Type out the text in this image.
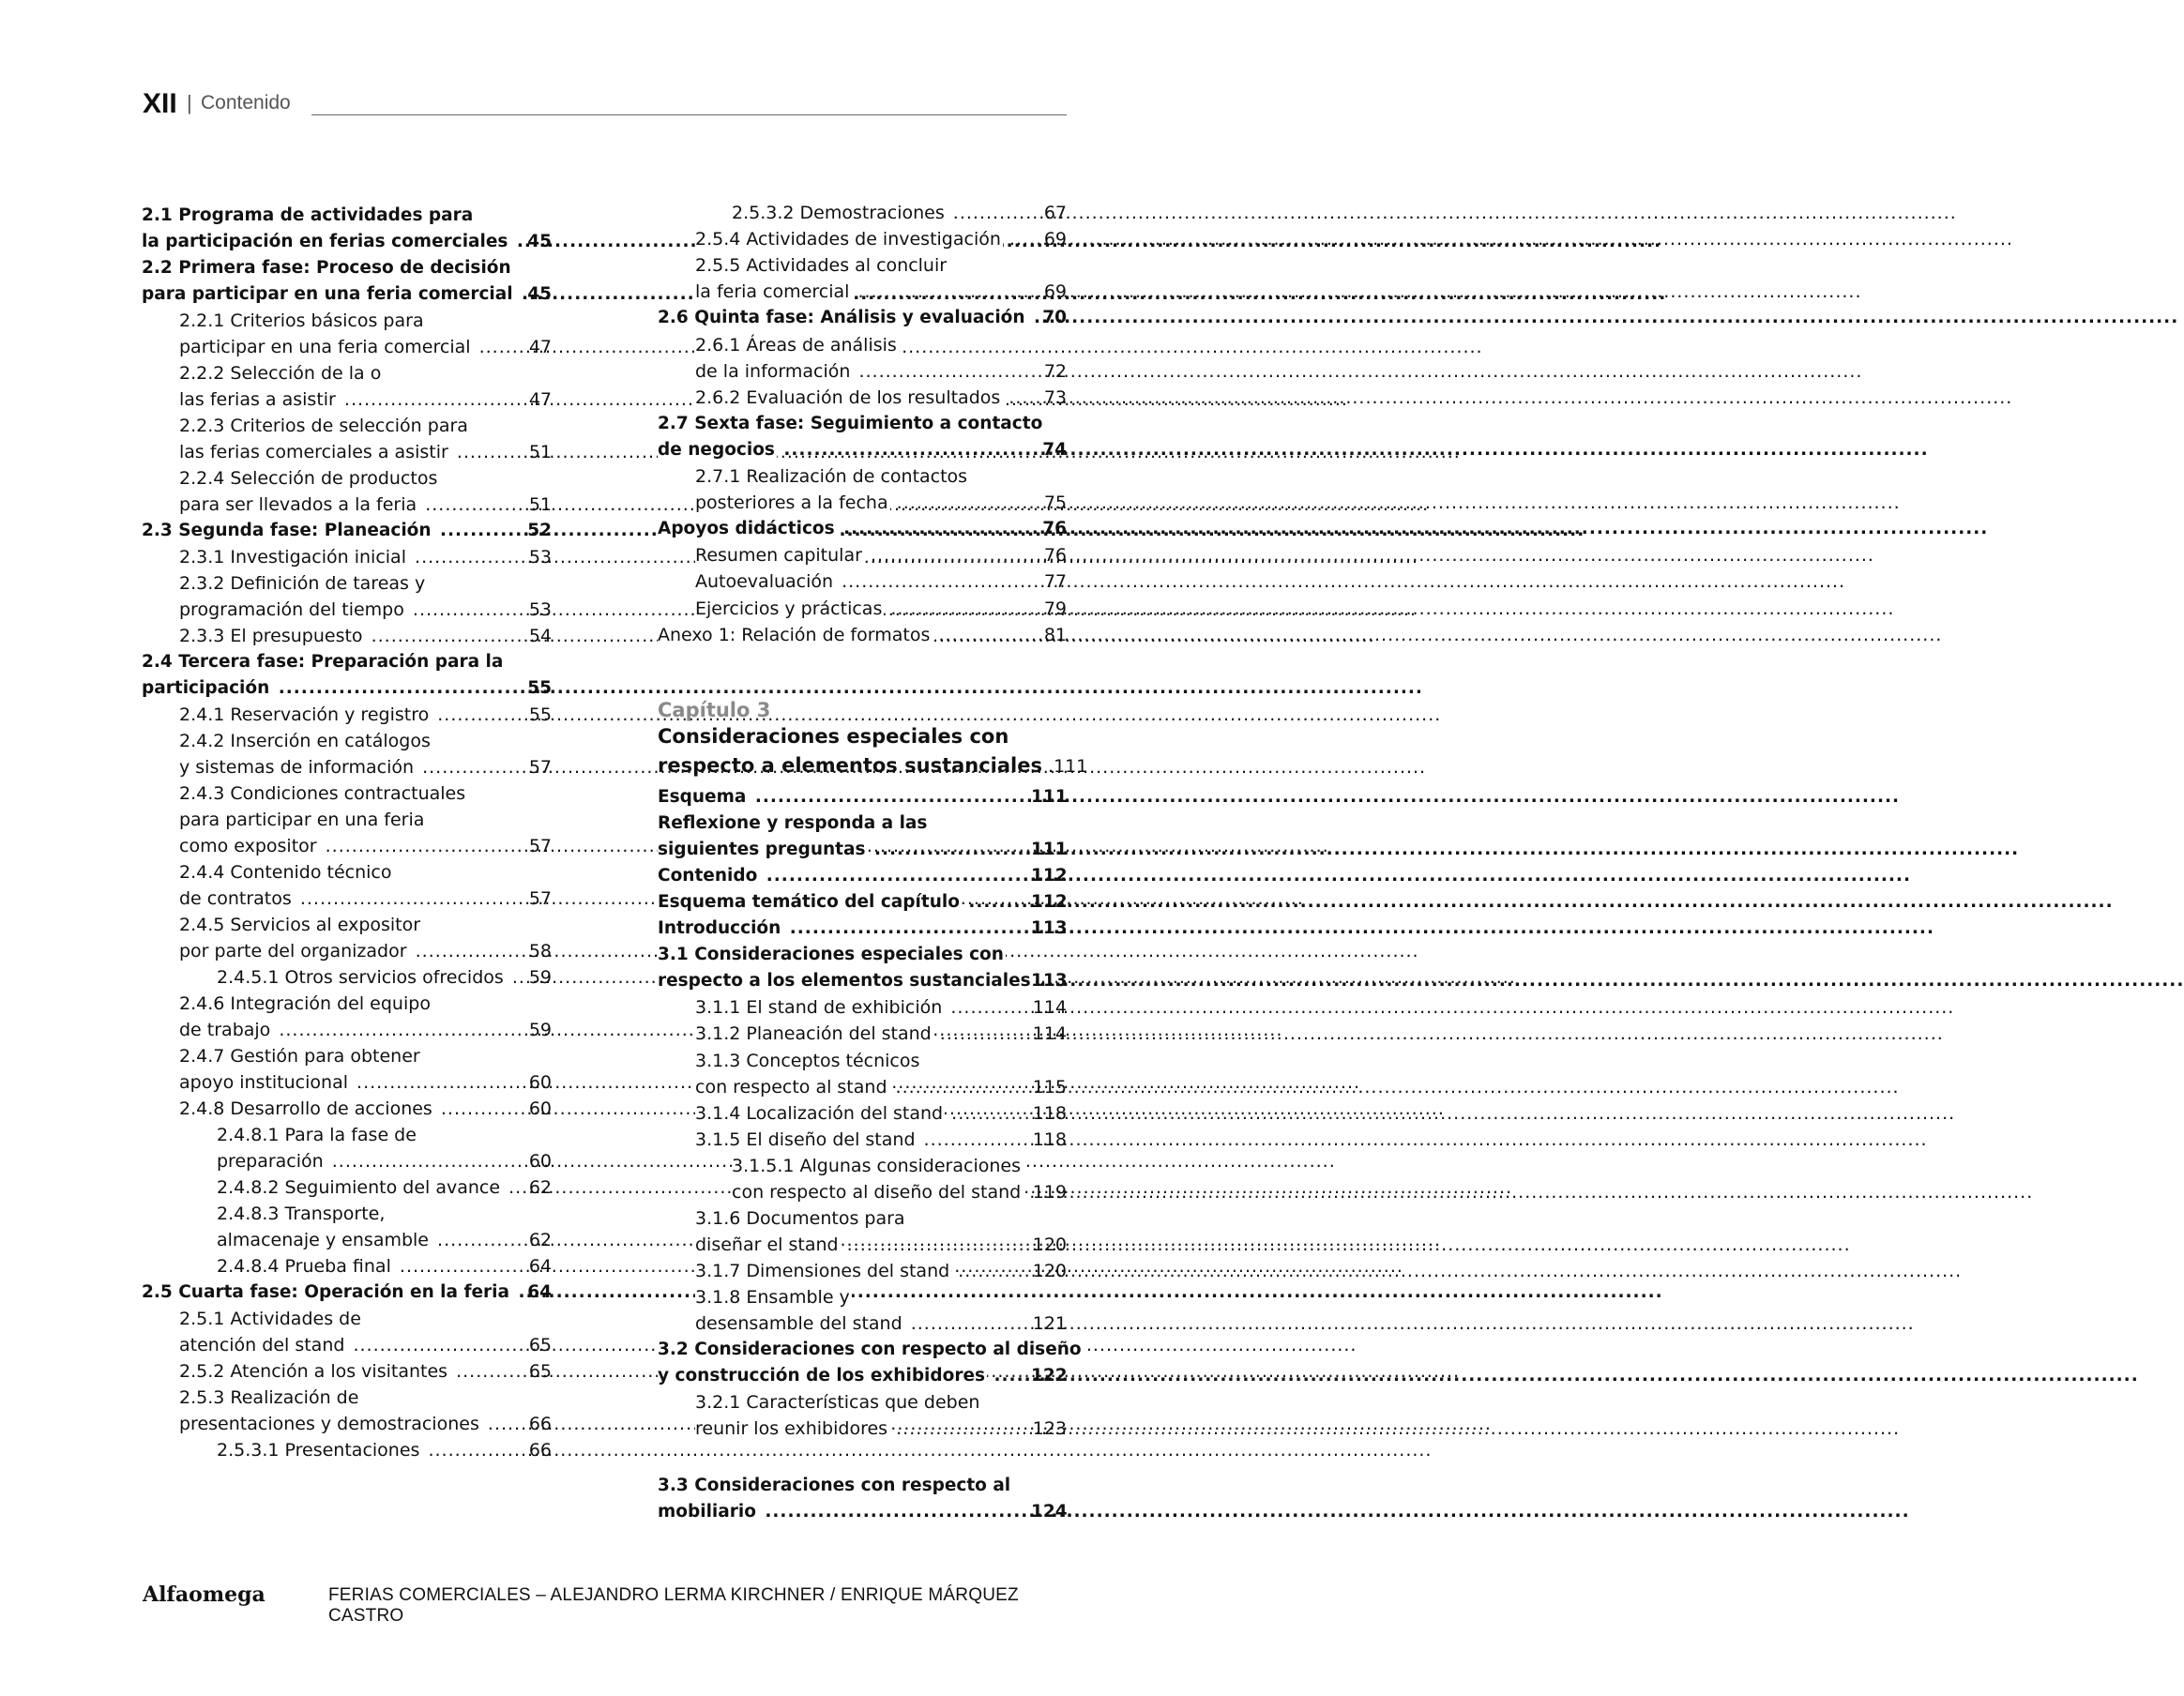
XII | Contenido
2.1 Programa de actividades para
la participación en ferias comerciales .....	45
2.2 Primera fase: Proceso de decisión
para participar en una feria comercial ..... 45
2.2.1 Criterios básicos para
participar en una feria comercial .....	47
2.2.2 Selección de la o
las ferias a asistir .....	47
2.2.3 Criterios de selección para
las ferias comerciales a asistir .....	51
2.2.4 Selección de productos
para ser llevados a la feria .....	51
2.3 Segunda fase: Planeación .....	52
2.3.1 Investigación inicial .....	53
2.3.2 Definición de tareas y
programación del tiempo .....	53
2.3.3 El presupuesto .....	54
2.4 Tercera fase: Preparación para la
participación .....	55
2.4.1 Reservación y registro .....	55
2.4.2 Inserción en catálogos
y sistemas de información .....	57
2.4.3 Condiciones contractuales
para participar en una feria
como expositor .....	57
2.4.4 Contenido técnico
de contratos .....	57
2.4.5 Servicios al expositor
por parte del organizador .....	58
2.4.5.1 Otros servicios ofrecidos .....	59
2.4.6 Integración del equipo
de trabajo .....	59
2.4.7 Gestión para obtener
apoyo institucional .....	60
2.4.8 Desarrollo de acciones .....	60
2.4.8.1 Para la fase de
preparación .....	60
2.4.8.2 Seguimiento del avance .....	62
2.4.8.3 Transporte,
almacenaje y ensamble .....	62
2.4.8.4 Prueba final .....	64
2.5 Cuarta fase: Operación en la feria .....	64
2.5.1 Actividades de
atención del stand .....	65
2.5.2 Atención a los visitantes .....	65
2.5.3 Realización de
presentaciones y demostraciones .....	66
2.5.3.1 Presentaciones .....	66
2.5.3.2 Demostraciones .....	67
2.5.4 Actividades de investigación .....	69
2.5.5 Actividades al concluir
la feria comercial .....	69
2.6 Quinta fase: Análisis y evaluación .....	70
2.6.1 Áreas de análisis
de la información .....	72
2.6.2 Evaluación de los resultados .....	73
2.7 Sexta fase: Seguimiento a contacto
de negocios .....	74
2.7.1 Realización de contactos
posteriores a la fecha .....	75
Apoyos didácticos .....	76
Resumen capitular .....	76
Autoevaluación .....	77
Ejercicios y prácticas .....	79
Anexo 1: Relación de formatos .....	81
Capítulo 3
Consideraciones especiales con
respecto a elementos sustanciales .111
Esquema .....	111
Reflexione y responda a las
siguientes preguntas .....	111
Contenido .....	112
Esquema temático del capítulo .....	112
Introducción .....	113
3.1 Consideraciones especiales con
respecto a los elementos sustanciales ..... 113
3.1.1 El stand de exhibición .....	114
3.1.2 Planeación del stand .....	114
3.1.3 Conceptos técnicos
con respecto al stand .....	115
3.1.4 Localización del stand .....	118
3.1.5 El diseño del stand .....	118
3.1.5.1 Algunas consideraciones
con respecto al diseño del stand ..... 119
3.1.6 Documentos para
diseñar el stand .....	120
3.1.7 Dimensiones del stand .....	120
3.1.8 Ensamble y
desensamble del stand .....	121
3.2 Consideraciones con respecto al diseño
y construcción de los exhibidores .....	122
3.2.1 Características que deben
reunir los exhibidores .....	123
3.3 Consideraciones con respecto al
mobiliario .....	124
Alfaomega	FERIAS COMERCIALES – ALEJANDRO LERMA KIRCHNER / ENRIQUE MÁRQUEZ CASTRO
